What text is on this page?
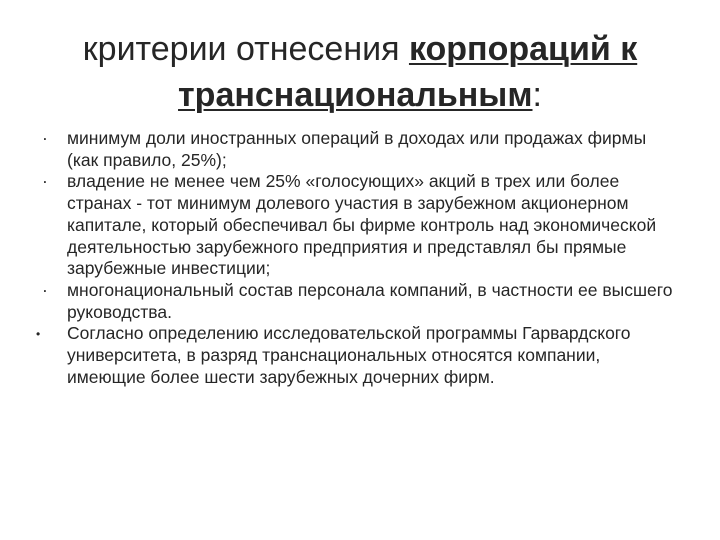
критерии отнесения корпораций к транснациональным:
·	минимум доли иностранных операций в доходах или продажах фирмы (как правило, 25%);
·	владение не менее чем 25% «голосующих» акций в трех или более странах - тот минимум долевого участия в зарубежном акционерном капитале, который обеспечивал бы фирме контроль над экономической деятельностью зарубежного предприятия и представлял бы прямые зарубежные инвестиции;
·	многонациональный состав персонала компаний, в частности ее высшего руководства.
•	Согласно определению исследовательской программы Гарвардского университета, в разряд транснациональных относятся компании, имеющие более шести зарубежных дочерних фирм.
